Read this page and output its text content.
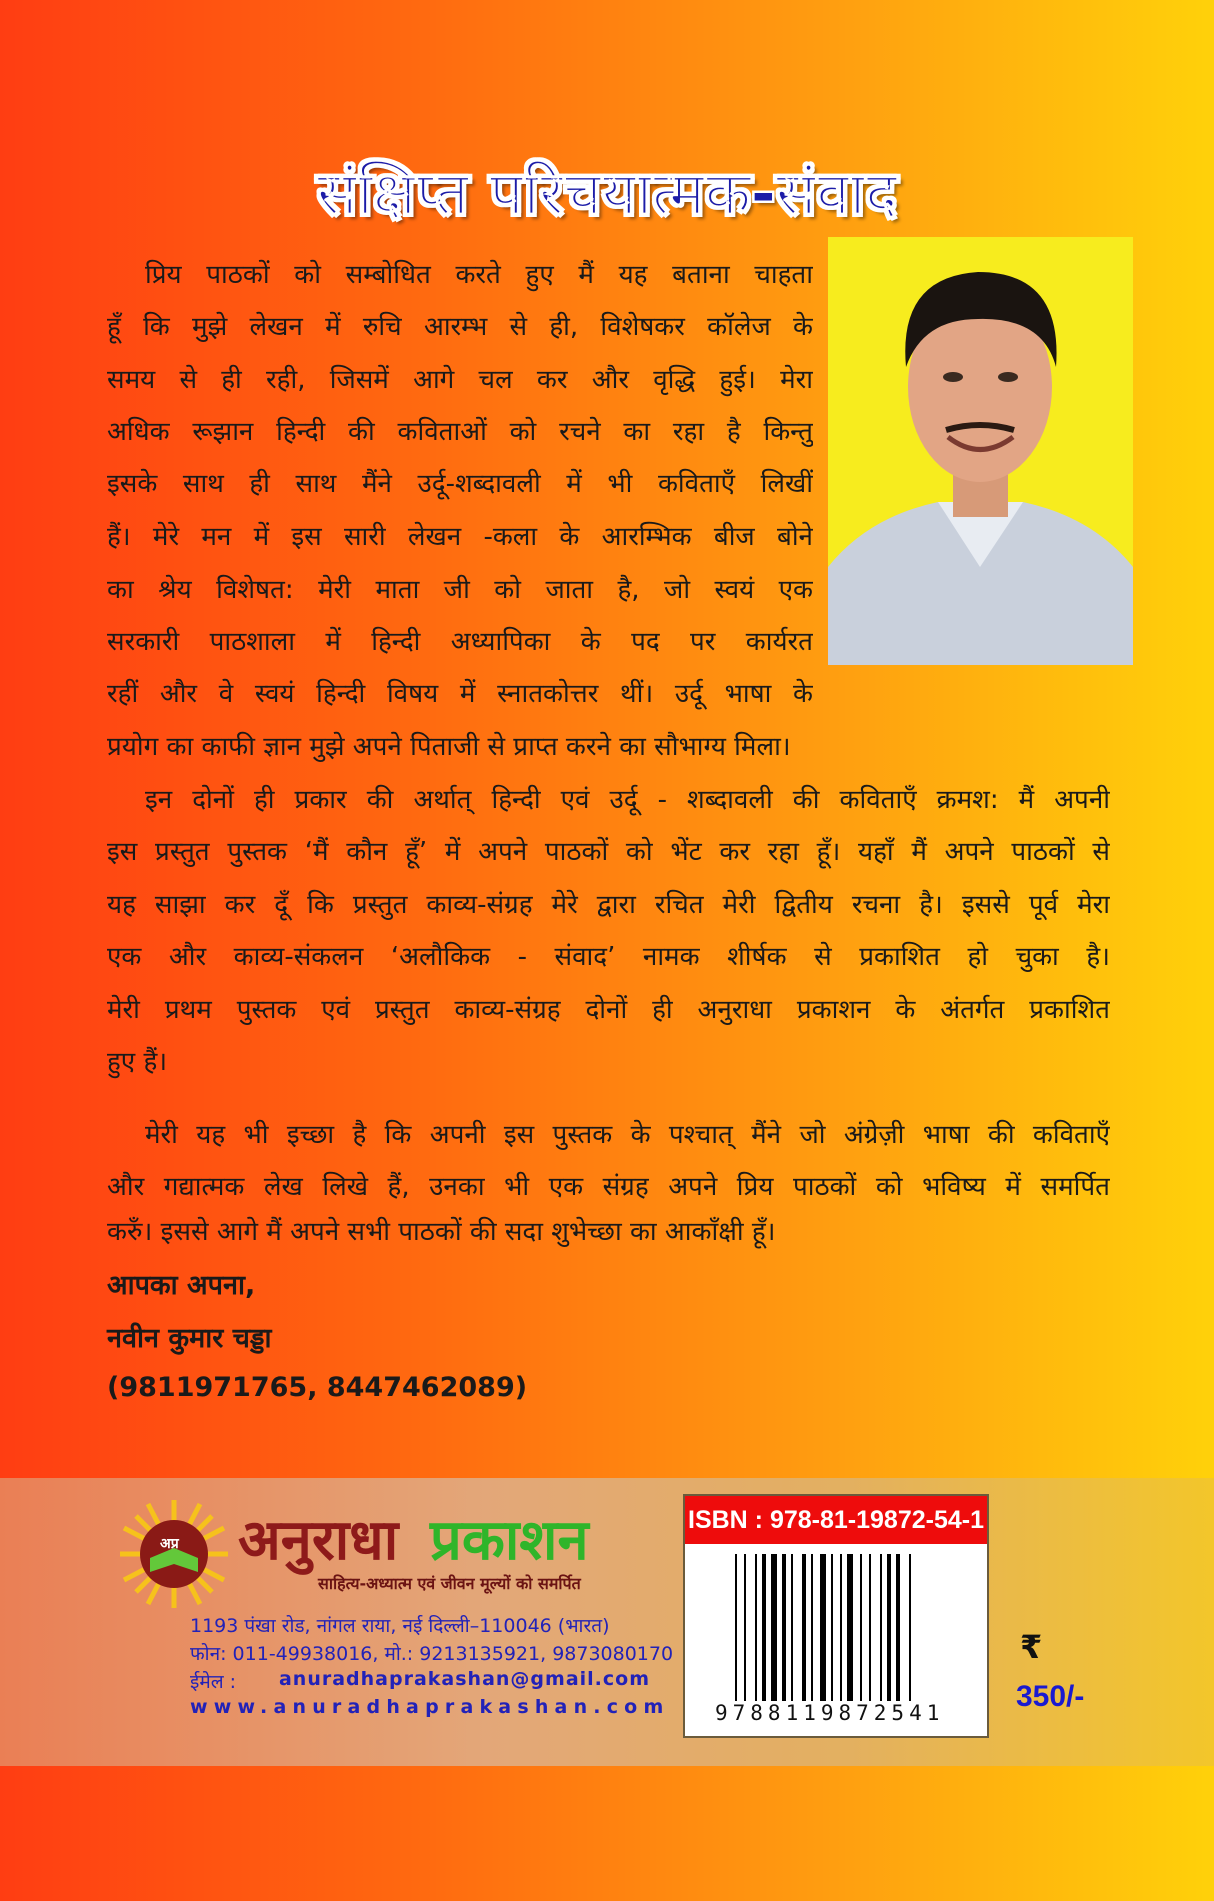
संक्षिप्त परिचयात्मक-संवाद
प्रिय पाठकों को सम्बोधित करते हुए मैं यह बताना चाहता
हूँ कि मुझे लेखन में रुचि आरम्भ से ही, विशेषकर कॉलेज के
समय से ही रही, जिसमें आगे चल कर और वृद्धि हुई। मेरा
अधिक रूझान हिन्दी की कविताओं को रचने का रहा है किन्तु
इसके साथ ही साथ मैंने उर्दू-शब्दावली में भी कविताएँ लिखीं
हैं। मेरे मन में इस सारी लेखन -कला के आरम्भिक बीज बोने
का श्रेय विशेषत: मेरी माता जी को जाता है, जो स्वयं एक
सरकारी पाठशाला में हिन्दी अध्यापिका के पद पर कार्यरत
रहीं और वे स्वयं हिन्दी विषय में स्नातकोत्तर थीं। उर्दू भाषा के
प्रयोग का काफी ज्ञान मुझे अपने पिताजी से प्राप्त करने का सौभाग्य मिला।
इन दोनों ही प्रकार की अर्थात् हिन्दी एवं उर्दू - शब्दावली की कविताएँ क्रमश: मैं अपनी
इस प्रस्तुत पुस्तक ‘मैं कौन हूँ’ में अपने पाठकों को भेंट कर रहा हूँ। यहाँ मैं अपने पाठकों से
यह साझा कर दूँ कि प्रस्तुत काव्य-संग्रह मेरे द्वारा रचित मेरी द्वितीय रचना है। इससे पूर्व मेरा
एक और काव्य-संकलन ‘अलौकिक - संवाद’ नामक शीर्षक से प्रकाशित हो चुका है।
मेरी प्रथम पुस्तक एवं प्रस्तुत काव्य-संग्रह दोनों ही अनुराधा प्रकाशन के अंतर्गत प्रकाशित
हुए हैं।
मेरी यह भी इच्छा है कि अपनी इस पुस्तक के पश्चात् मैंने जो अंग्रेज़ी भाषा की कविताएँ
और गद्यात्मक लेख लिखे हैं, उनका भी एक संग्रह अपने प्रिय पाठकों को भविष्य में समर्पित
करुँ। इससे आगे मैं अपने सभी पाठकों की सदा शुभेच्छा का आकाँक्षी हूँ।
आपका अपना,
नवीन कुमार चड्डा
(9811971765, 8447462089)
अप्र अनुराधा प्रकाशन
साहित्य-अध्यात्म एवं जीवन मूल्यों को समर्पित
1193 पंखा रोड, नांगल राया, नई दिल्ली–110046 (भारत)
फोन: 011-49938016, मो.: 9213135921, 9873080170
ईमेल : anuradhaprakashan@gmail.com
www.anuradhaprakashan.com
ISBN : 978-81-19872-54-1
9788119872541
₹
350/-
